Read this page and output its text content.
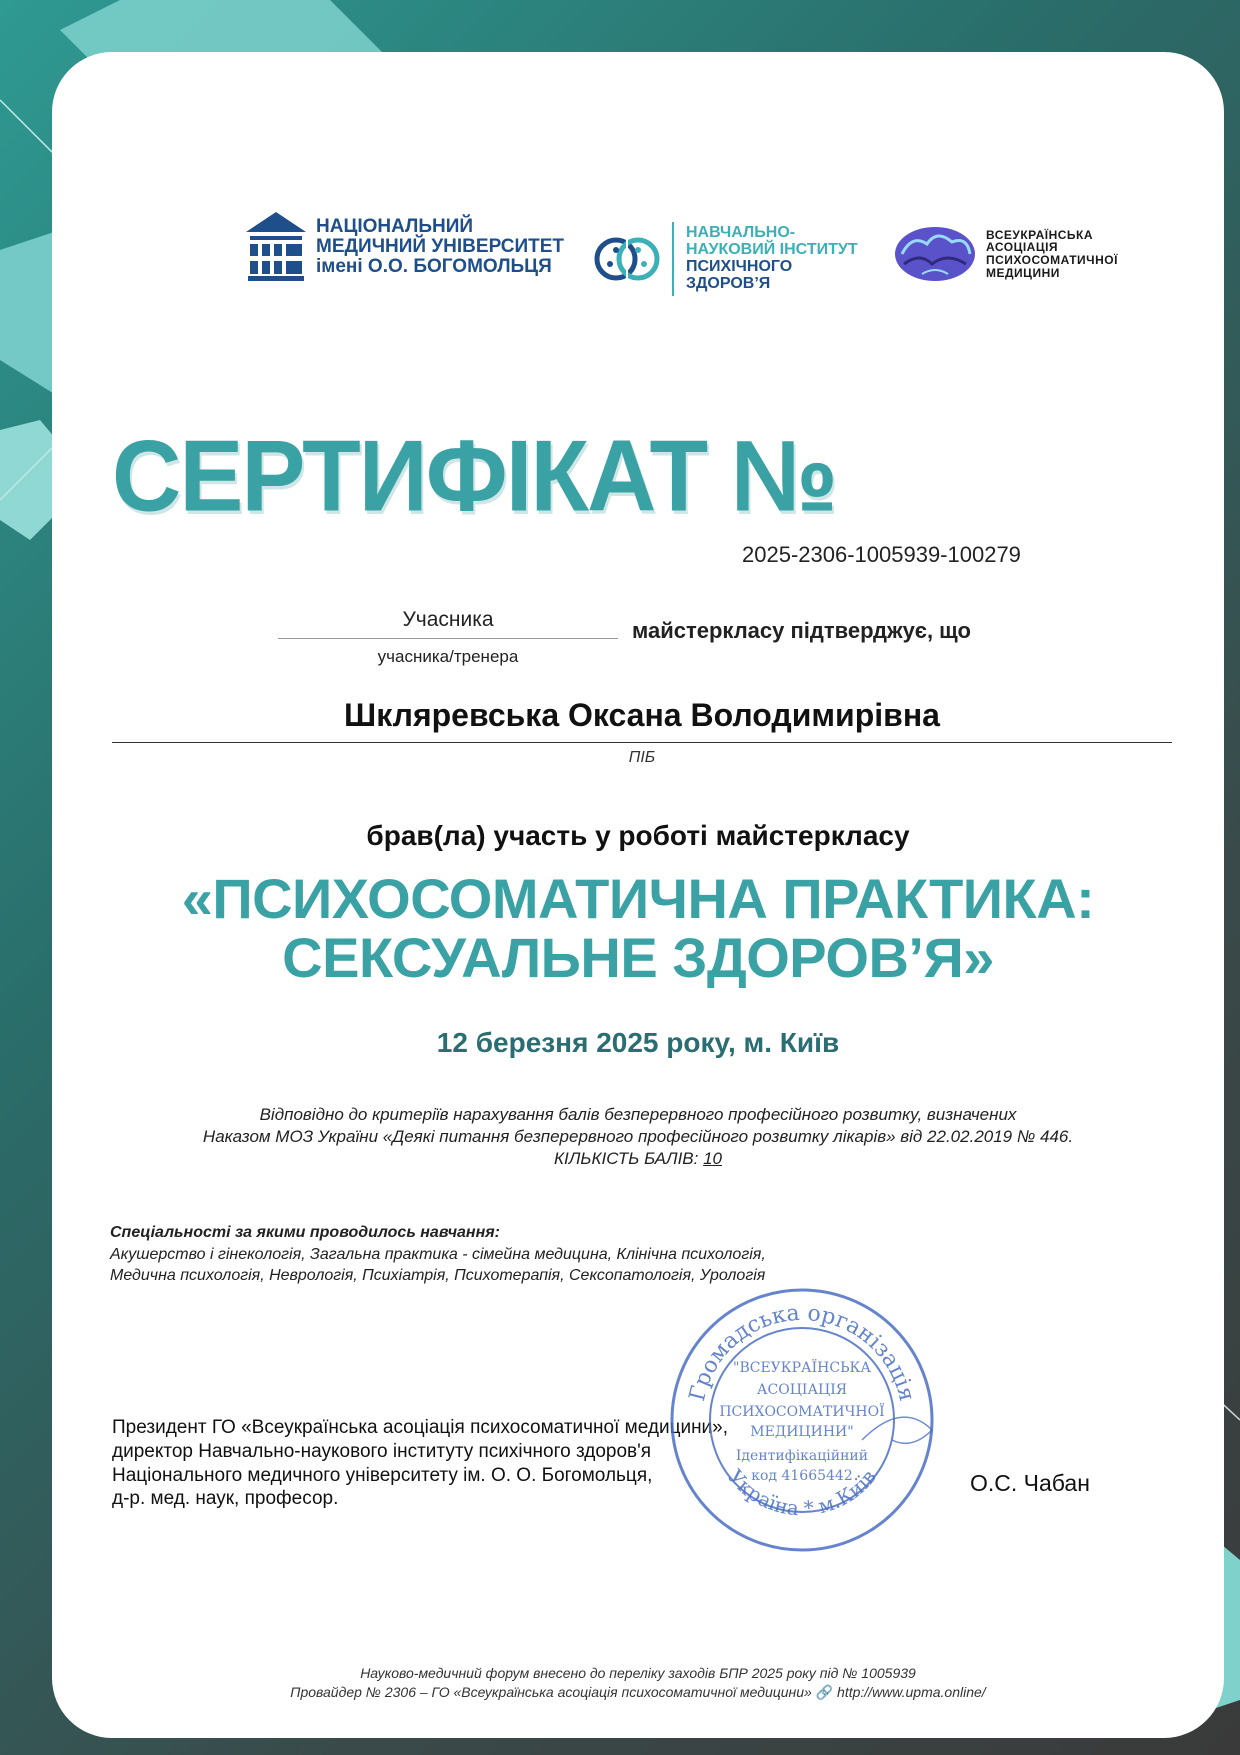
НАЦІОНАЛЬНИЙ
МЕДИЧНИЙ УНІВЕРСИТЕТ
імені О.О. БОГОМОЛЬЦЯ
НАВЧАЛЬНО-
НАУКОВИЙ ІНСТИТУТ
ПСИХІЧНОГО
ЗДОРОВ’Я
ВСЕУКРАЇНСЬКА
АСОЦІАЦІЯ
ПСИХОСОМАТИЧНОЇ
МЕДИЦИНИ
СЕРТИФІКАТ №
2025-2306-1005939-100279
Учасника
учасника/тренера
майстеркласу підтверджує, що
Шклярeвська Оксана Володимирівна
ПІБ
брав(ла) участь у роботі майстеркласу
«ПСИХОСОМАТИЧНА ПРАКТИКА:
СЕКСУАЛЬНЕ ЗДОРОВ’Я»
12 березня 2025 року, м. Київ
Відповідно до критеріїв нарахування балів безперервного професійного розвитку, визначених
Наказом МОЗ України «Деякі питання безперервного професійного розвитку лікарів» від 22.02.2019 № 446.
КІЛЬКІСТЬ БАЛІВ: 10
Спеціальності за якими проводилось навчання:
Акушерство і гінекологія, Загальна практика - сімейна медицина, Клінічна психологія,
Медична психологія, Неврологія, Психіатрія, Психотерапія, Сексопатологія, Урологія
Президент ГО «Всеукраїнська асоціація психосоматичної медицини»,
директор Навчально-наукового інституту психічного здоров'я
Національного медичного університету ім. О. О. Богомольця,
д-р. мед. наук, професор.
Громадська організація
Україна * м.Київ
"ВСЕУКРАЇНСЬКА
АСОЦІАЦІЯ
ПСИХОСОМАТИЧНОЇ
МЕДИЦИНИ"
Ідентифікаційний
код 41665442	О.С. Чабан
Науково-медичний форум внесено до переліку заходів БПР 2025 року під № 1005939
Провайдер № 2306 – ГО «Всеукраїнська асоціація психосоматичної медицини» 🔗 http://www.upma.online/
